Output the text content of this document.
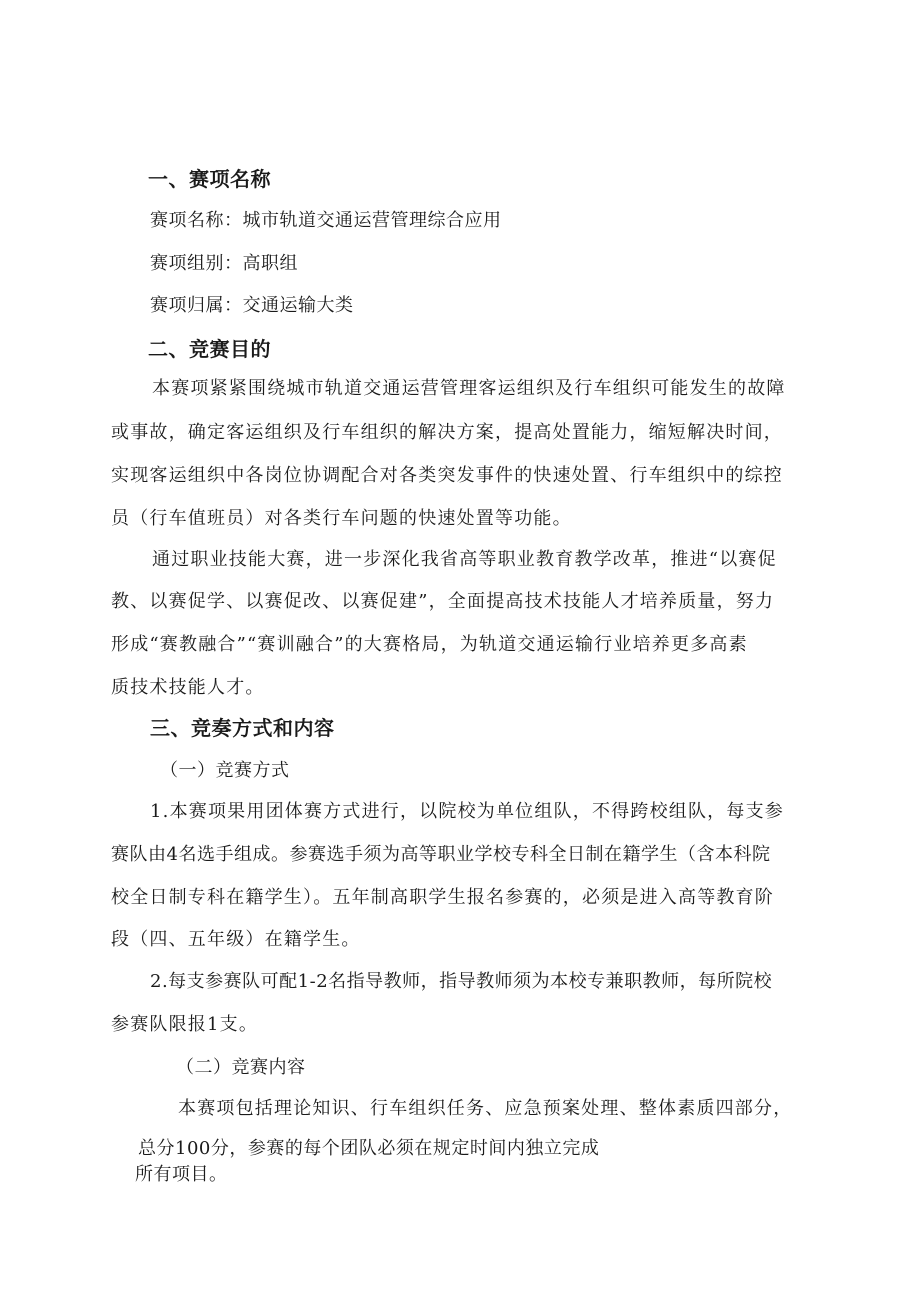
一、赛项名称
赛项名称：城市轨道交通运营管理综合应用
赛项组别：高职组
赛项归属：交通运输大类
二、竞赛目的
本赛项紧紧围绕城市轨道交通运营管理客运组织及行车组织可能发生的故障
或事故，确定客运组织及行车组织的解决方案，提高处置能力，缩短解决时间，
实现客运组织中各岗位协调配合对各类突发事件的快速处置、行车组织中的综控
员（行车值班员）对各类行车问题的快速处置等功能。
通过职业技能大赛，进一步深化我省高等职业教育教学改革，推进“以赛促
教、以赛促学、以赛促改、以赛促建”，全面提高技术技能人才培养质量，努力
形成“赛教融合”“赛训融合”的大赛格局，为轨道交通运输行业培养更多高素
质技术技能人才。
三、竞奏方式和内容
（一）竞赛方式
1.本赛项果用团体赛方式进行，以院校为单位组队，不得跨校组队，每支参
赛队由4名选手组成。参赛选手须为高等职业学校专科全日制在籍学生（含本科院
校全日制专科在籍学生）。五年制高职学生报名参赛的，必须是进入高等教育阶
段（四、五年级）在籍学生。
2.每支参赛队可配1-2名指导教师，指导教师须为本校专兼职教师，每所院校
参赛队限报1支。
（二）竞赛内容
本赛项包括理论知识、行车组织任务、应急预案处理、整体素质四部分，
总分100分，参赛的每个团队必须在规定时间内独立完成
所有项目。
